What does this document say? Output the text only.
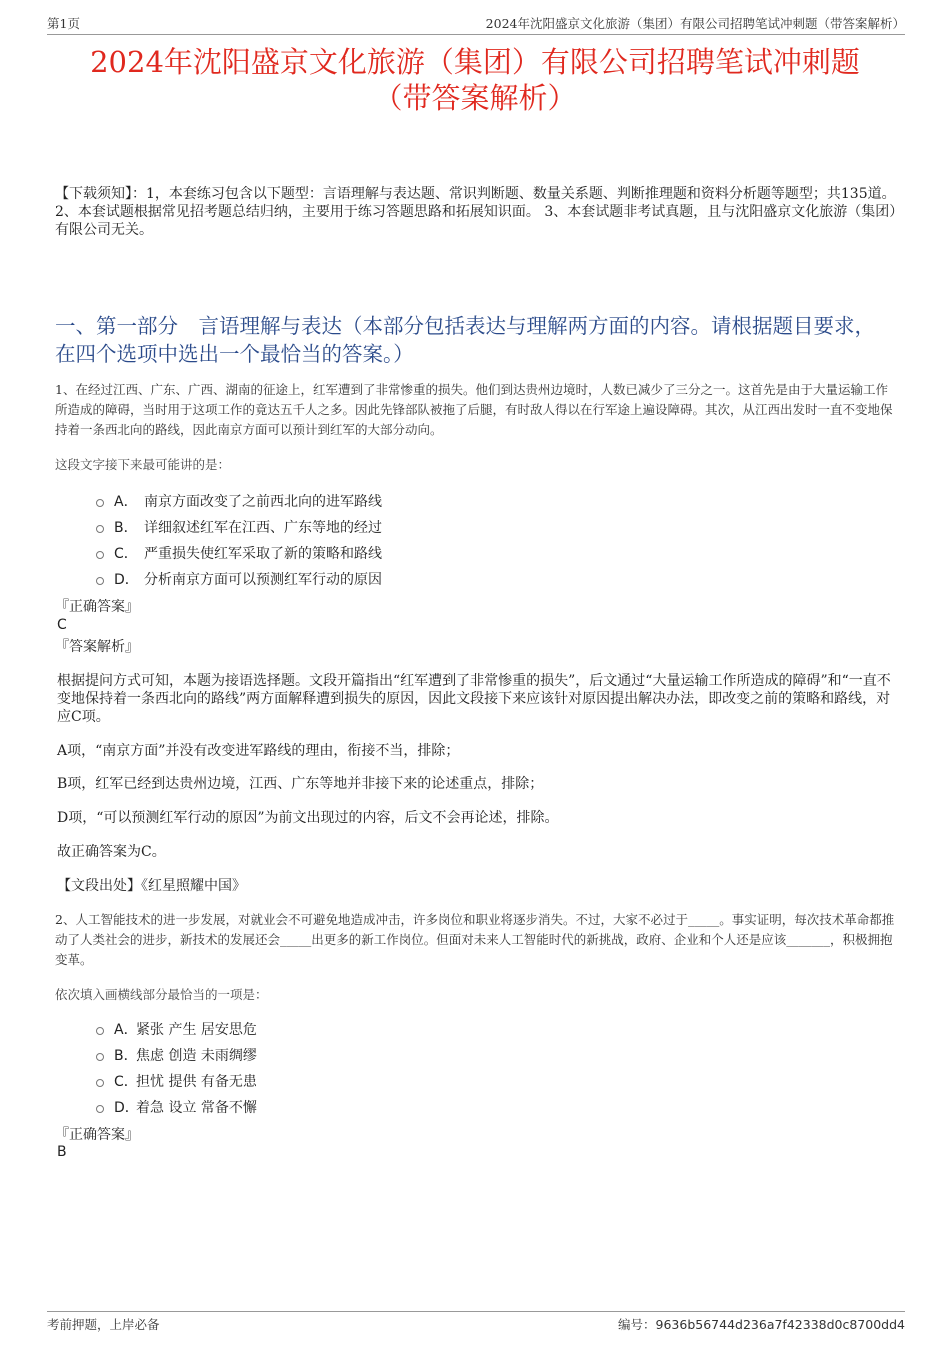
第1页	2024年沈阳盛京文化旅游（集团）有限公司招聘笔试冲刺题（带答案解析）
2024年沈阳盛京文化旅游（集团）有限公司招聘笔试冲刺题
（带答案解析）
【下载须知】：1，本套练习包含以下题型：言语理解与表达题、常识判断题、数量关系题、判断推理题和资料分析题等题型；共135道。 2、本套试题根据常见招考题总结归纳，主要用于练习答题思路和拓展知识面。 3、本套试题非考试真题，且与沈阳盛京文化旅游（集团）有限公司无关。
一、第一部分　言语理解与表达（本部分包括表达与理解两方面的内容。请根据题目要求，在四个选项中选出一个最恰当的答案。）
1、在经过江西、广东、广西、湖南的征途上，红军遭到了非常惨重的损失。他们到达贵州边境时，人数已减少了三分之一。这首先是由于大量运输工作所造成的障碍，当时用于这项工作的竟达五千人之多。因此先锋部队被拖了后腿，有时敌人得以在行军途上遍设障碍。其次，从江西出发时一直不变地保持着一条西北向的路线，因此南京方面可以预计到红军的大部分动向。
这段文字接下来最可能讲的是：
A． 南京方面改变了之前西北向的进军路线
B． 详细叙述红军在江西、广东等地的经过
C． 严重损失使红军采取了新的策略和路线
D． 分析南京方面可以预测红军行动的原因
『正确答案』
C
『答案解析』
根据提问方式可知，本题为接语选择题。文段开篇指出“红军遭到了非常惨重的损失”，后文通过“大量运输工作所造成的障碍”和“一直不变地保持着一条西北向的路线”两方面解释遭到损失的原因，因此文段接下来应该针对原因提出解决办法，即改变之前的策略和路线，对应C项。
A项，“南京方面”并没有改变进军路线的理由，衔接不当，排除；
B项，红军已经到达贵州边境，江西、广东等地并非接下来的论述重点，排除；
D项，“可以预测红军行动的原因”为前文出现过的内容，后文不会再论述，排除。
故正确答案为C。
【文段出处】《红星照耀中国》
2、人工智能技术的进一步发展，对就业会不可避免地造成冲击，许多岗位和职业将逐步消失。不过，大家不必过于_____。事实证明，每次技术革命都推动了人类社会的进步，新技术的发展还会_____出更多的新工作岗位。但面对未来人工智能时代的新挑战，政府、企业和个人还是应该_______，积极拥抱变革。
依次填入画横线部分最恰当的一项是：
A．
紧张 产生 居安思危
B．
焦虑 创造 未雨绸缪
C．
担忧 提供 有备无患
D．
着急 设立 常备不懈
『正确答案』
B
考前押题，上岸必备	编号：9636b56744d236a7f42338d0c8700dd4
